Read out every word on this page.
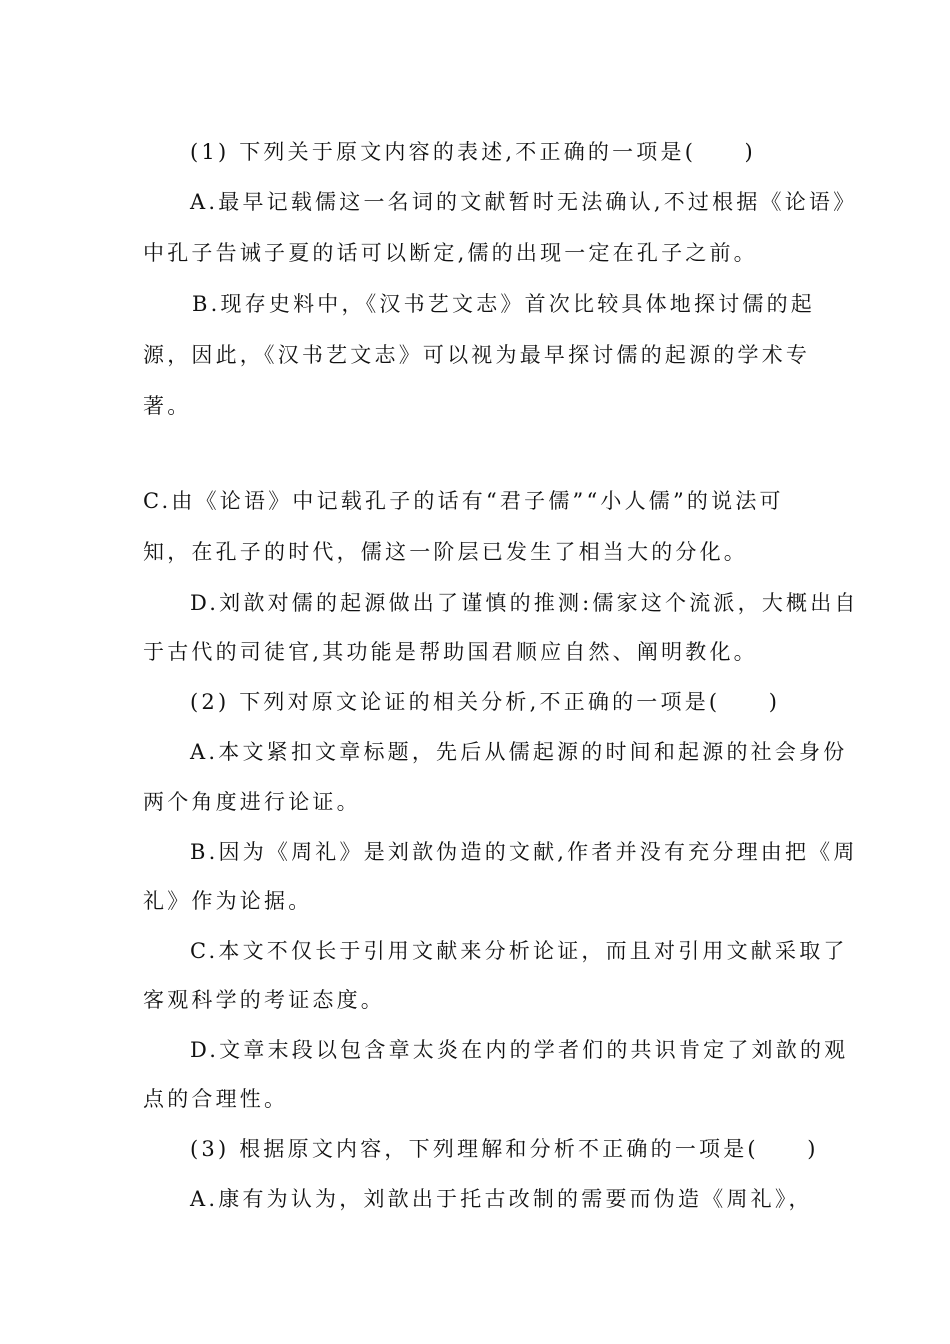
(1) 下列关于原文内容的表述,不正确的一项是(　　)
A.最早记载儒这一名词的文献暂时无法确认,不过根据《论语》
中孔子告诫子夏的话可以断定,儒的出现一定在孔子之前。
B.现存史料中，《汉书艺文志》首次比较具体地探讨儒的起
源，因此，《汉书艺文志》可以视为最早探讨儒的起源的学术专
著。
C.由《论语》中记载孔子的话有“君子儒”“小人儒”的说法可
知，在孔子的时代，儒这一阶层已发生了相当大的分化。
D.刘歆对儒的起源做出了谨慎的推测:儒家这个流派，大概出自
于古代的司徒官,其功能是帮助国君顺应自然、阐明教化。
(2) 下列对原文论证的相关分析,不正确的一项是(　　)
A.本文紧扣文章标题，先后从儒起源的时间和起源的社会身份
两个角度进行论证。
B.因为《周礼》是刘歆伪造的文献,作者并没有充分理由把《周
礼》作为论据。
C.本文不仅长于引用文献来分析论证，而且对引用文献采取了
客观科学的考证态度。
D.文章末段以包含章太炎在内的学者们的共识肯定了刘歆的观
点的合理性。
(3) 根据原文内容，下列理解和分析不正确的一项是(　　)
A.康有为认为，刘歆出于托古改制的需要而伪造《周礼》，
